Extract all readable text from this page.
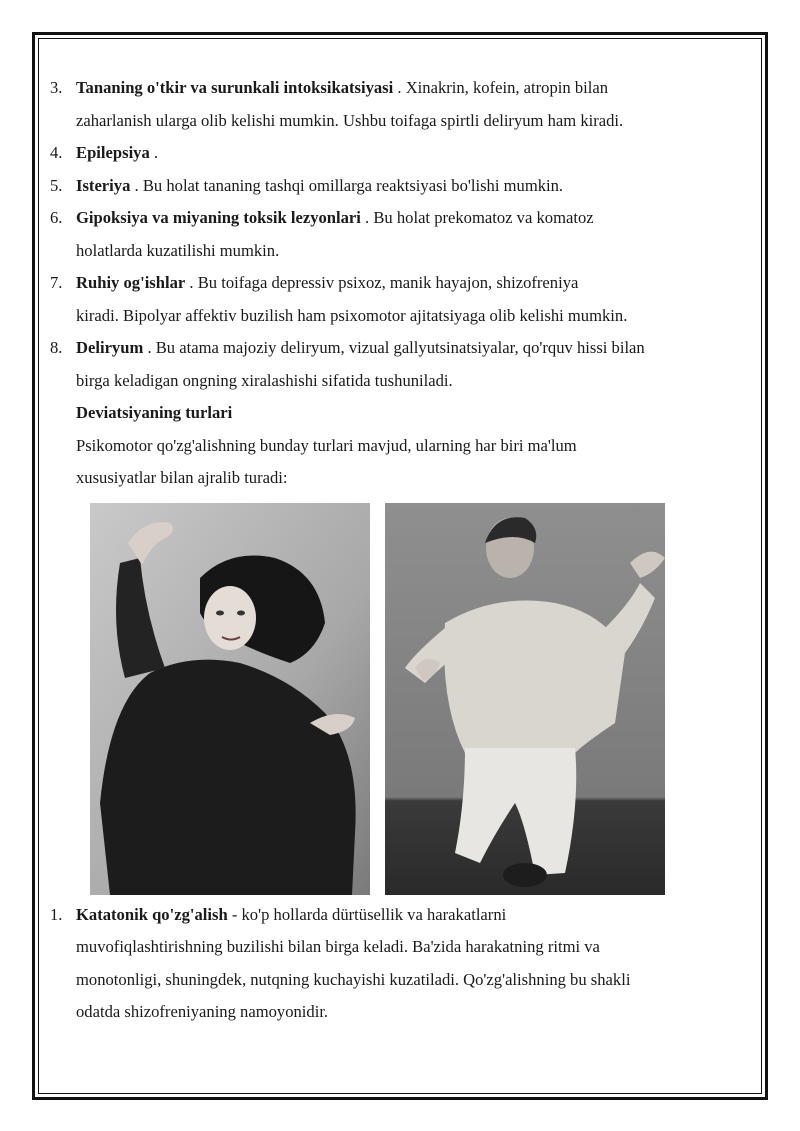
3. Tananing o'tkir va surunkali intoksikatsiyasi . Xinakrin, kofein, atropin bilan
zaharlanish ularga olib kelishi mumkin. Ushbu toifaga spirtli deliryum ham kiradi.
4. Epilepsiya .
5. Isteriya . Bu holat tananing tashqi omillarga reaktsiyasi bo'lishi mumkin.
6. Gipoksiya va miyaning toksik lezyonlari . Bu holat prekomatoz va komatoz
holatlarda kuzatilishi mumkin.
7. Ruhiy og'ishlar . Bu toifaga depressiv psixoz, manik hayajon, shizofreniya
kiradi. Bipolyar affektiv buzilish ham psixomotor ajitatsiyaga olib kelishi mumkin.
8. Deliryum . Bu atama majoziy deliryum, vizual gallyutsinatsiyalar, qo'rquv hissi bilan
birga keladigan ongning xiralashishi sifatida tushuniladi.
Deviatsiyaning turlari
Psikomotor qo'zg'alishning bunday turlari mavjud, ularning har biri ma'lum
xususiyatlar bilan ajralib turadi:
1. Katatonik qo'zg'alish - ko'p hollarda dürtüsellik va harakatlarni
muvofiqlashtirishning buzilishi bilan birga keladi. Ba'zida harakatning ritmi va
monotonligi, shuningdek, nutqning kuchayishi kuzatiladi. Qo'zg'alishning bu shakli
odatda shizofreniyaning namoyonidir.
